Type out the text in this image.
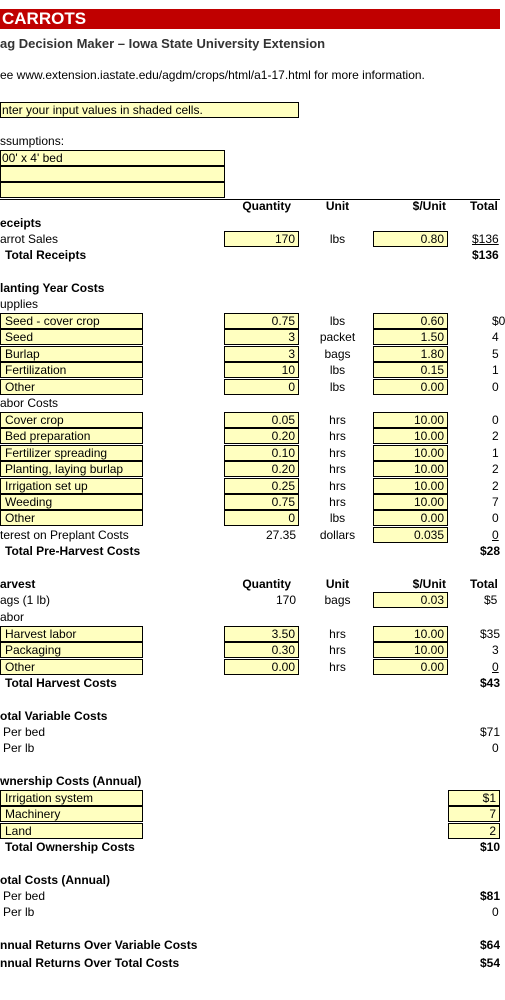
CARROTS
ag Decision Maker – Iowa State University Extension
ee www.extension.iastate.edu/agdm/crops/html/a1-17.html for more information.
nter your input values in shaded cells.
ssumptions:
00' x 4' bed
Quantity	Unit	$/Unit Total
eceipts
arrot Sales	170	lbs	0.80	$136
Total Receipts	$136
lanting Year Costs
upplies
Seed - cover crop	0.75	lbs	0.60	$0
Seed	3	packet	1.50	4
Burlap	3	bags	1.80	5
Fertilization	10	lbs	0.15	1
Other	0	lbs	0.00	0
abor Costs
Cover crop	0.05	hrs	10.00	0
Bed preparation	0.20	hrs	10.00	2
Fertilizer spreading	0.10	hrs	10.00	1
Planting, laying burlap	0.20	hrs	10.00	2
Irrigation set up	0.25	hrs	10.00	2
Weeding	0.75	hrs	10.00	7
Other	0	lbs	0.00	0
terest on Preplant Costs	27.35	dollars	0.035	0
Total Pre-Harvest Costs	$28
arvest	Quantity	Unit	$/Unit Total
ags (1 lb)	170	bags	0.03	$5
abor
Harvest labor	3.50	hrs	10.00	$35
Packaging	0.30	hrs	10.00	3
Other	0.00	hrs	0.00	0
Total Harvest Costs	$43
otal Variable Costs
Per bed	$71
Per lb	0
wnership Costs (Annual)
Irrigation system	$1
Machinery	7
Land	2
Total Ownership Costs	$10
otal Costs (Annual)
Per bed	$81
Per lb	0
nnual Returns Over Variable Costs	$64
nnual Returns Over Total Costs	$54
